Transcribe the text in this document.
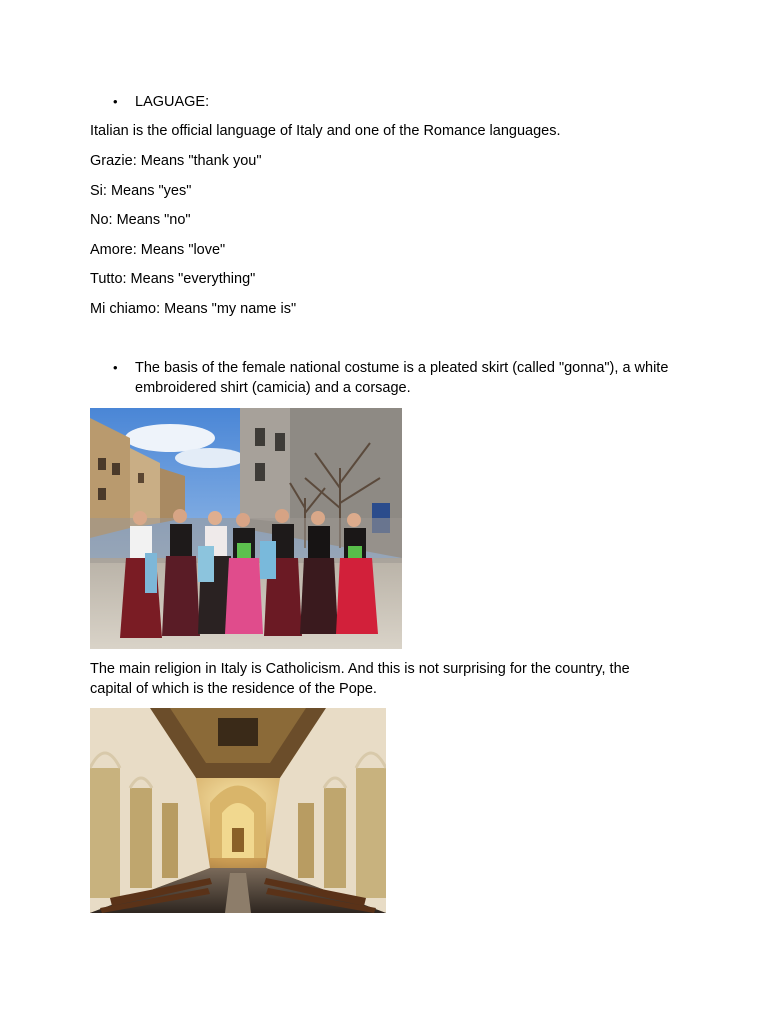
•	LAGUAGE:

Italian is the official language of Italy and one of the Romance languages.

Grazie: Means "thank you"

Si: Means "yes"

No: Means "no"

Amore: Means "love"

Tutto: Means "everything"

Mi chiamo: Means "my name is"

•	The basis of the female national costume is a pleated skirt (called "gonna"), a white embroidered shirt (camicia) and a corsage.

The main religion in Italy is Catholicism. And this is not surprising for the country, the capital of which is the residence of the Pope.
